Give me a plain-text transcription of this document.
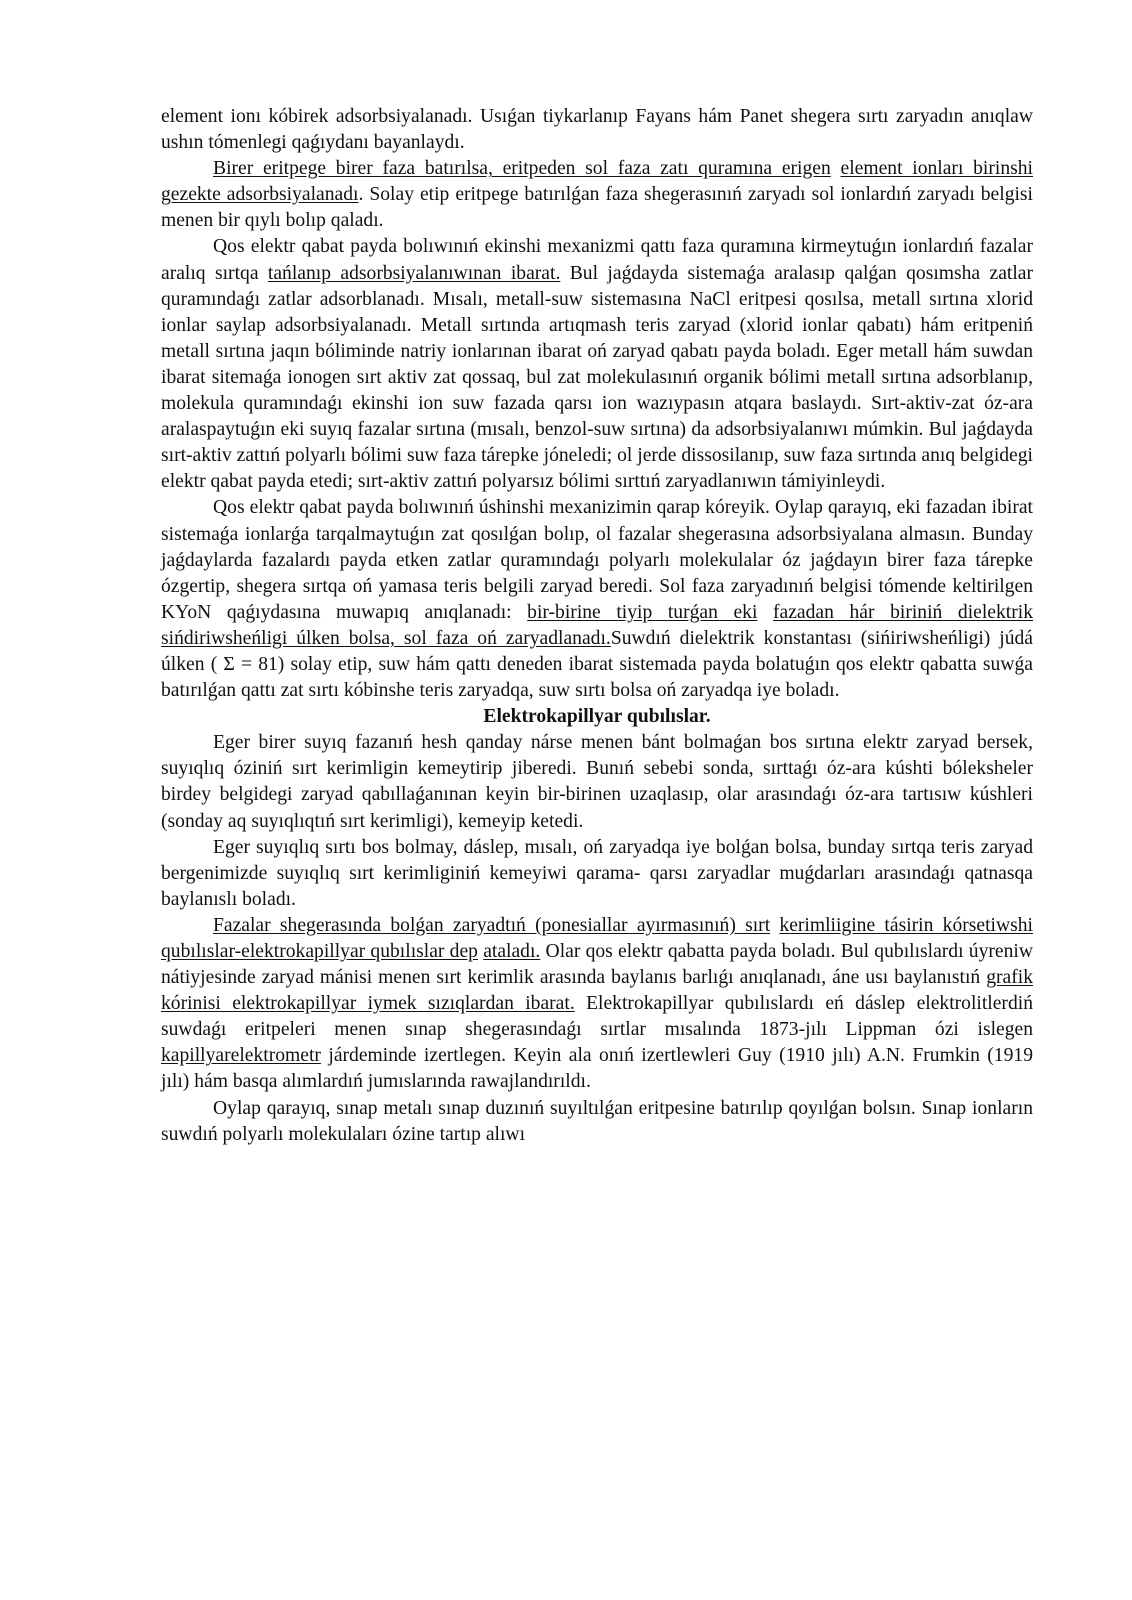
element ionı kóbirek adsorbsiyalanadı. Usıǵan tiykarlanıp Fayans hám Panet shegera sırtı zaryadın anıqlaw ushın tómenlegi qaǵıydanı bayanlaydı.

Birer eritpege birer faza batırılsa, eritpeden sol faza zatı quramına erigen element ionları birinshi gezekte adsorbsiyalanadı. Solay etip eritpege batırılǵan faza shegerasınıń zaryadı sol ionlardıń zaryadı belgisi menen bir qıylı bolıp qaladı.

Qos elektr qabat payda bolıwınıń ekinshi mexanizmi qattı faza quramına kirmeytuǵın ionlardıń fazalar aralıq sırtqa tańlanıp adsorbsiyalanıwınan ibarat. Bul jaǵdayda sistemaǵa aralasıp qalǵan qosımsha zatlar quramındaǵı zatlar adsorblanadı. Mısalı, metall-suw sistemasına NaCl eritpesi qosılsa, metall sırtına xlorid ionlar saylap adsorbsiyalanadı. Metall sırtında artıqmash teris zaryad (xlorid ionlar qabatı) hám eritpeniń metall sırtına jaqın bóliminde natriy ionlarınan ibarat oń zaryad qabatı payda boladı. Eger metall hám suwdan ibarat sitemaǵa ionogen sırt aktiv zat qossaq, bul zat molekulasınıń organik bólimi metall sırtına adsorblanıp, molekula quramındaǵı ekinshi ion suw fazada qarsı ion wazıypasın atqara baslaydı. Sırt-aktiv-zat óz-ara aralaspaytuǵın eki suyıq fazalar sırtına (mısalı, benzol-suw sırtına) da adsorbsiyalanıwı múmkin. Bul jaǵdayda sırt-aktiv zattıń polyarlı bólimi suw faza tárepke jóneledi; ol jerde dissosilanıp, suw faza sırtında anıq belgidegi elektr qabat payda etedi; sırt-aktiv zattıń polyarsız bólimi sırttıń zaryadlanıwın támiyinleydi.

Qos elektr qabat payda bolıwınıń úshinshi mexanizimin qarap kóreyik. Oylap qarayıq, eki fazadan ibirat sistemaǵa ionlarǵa tarqalmaytuǵın zat qosılǵan bolıp, ol fazalar shegerasına adsorbsiyalana almasın. Bunday jaǵdaylarda fazalardı payda etken zatlar quramındaǵı polyarlı molekulalar óz jaǵdayın birer faza tárepke ózgertip, shegera sırtqa oń yamasa teris belgili zaryad beredi. Sol faza zaryadınıń belgisi tómende keltirilgen KYoN qaǵıydasına muwapıq anıqlanadı: bir-birine tiyip turǵan eki fazadan hár biriniń dielektrik sińdiriwsheńligi úlken bolsa, sol faza oń zaryadlanadı.Suwdıń dielektrik konstantası (sińiriwsheńligi) júdá úlken ( Σ = 81) solay etip, suw hám qattı deneden ibarat sistemada payda bolatuǵın qos elektr qabatta suwǵa batırılǵan qattı zat sırtı kóbinshe teris zaryadqa, suw sırtı bolsa oń zaryadqa iye boladı.

Elektrokapillyar qubılıslar.

Eger birer suyıq fazanıń hesh qanday nárse menen bánt bolmaǵan bos sırtına elektr zaryad bersek, suyıqlıq óziniń sırt kerimligin kemeytirip jiberedi. Bunıń sebebi sonda, sırttaǵı óz-ara kúshti bóleksheler birdey belgidegi zaryad qabıllaǵanınan keyin bir-birinen uzaqlasıp, olar arasındaǵı óz-ara tartısıw kúshleri (sonday aq suyıqlıqtıń sırt kerimligi), kemeyip ketedi.

Eger suyıqlıq sırtı bos bolmay, dáslep, mısalı, oń zaryadqa iye bolǵan bolsa, bunday sırtqa teris zaryad bergenimizde suyıqlıq sırt kerimliginiń kemeyiwi qarama- qarsı zaryadlar muǵdarları arasındaǵı qatnasqa baylanıslı boladı.

Fazalar shegerasında bolǵan zaryadtıń (ponesiallar ayırmasınıń) sırt kerimliigine tásirin kórsetiwshi qubılıslar-elektrokapillyar qubılıslar dep ataladı. Olar qos elektr qabatta payda boladı. Bul qubılıslardı úyreniw nátiyjesinde zaryad mánisi menen sırt kerimlik arasında baylanıs barlıǵı anıqlanadı, áne usı baylanıstıń grafik kórinisi elektrokapillyar iymek sızıqlardan ibarat. Elektrokapillyar qubılıslardı eń dáslep elektrolitlerdiń suwdaǵı eritpeleri menen sınap shegerasındaǵı sırtlar mısalında 1873-jılı Lippman ózi islegen kapillyarelektrometr járdeminde izertlegen. Keyin ala onıń izertlewleri Guy (1910 jılı) A.N. Frumkin (1919 jılı) hám basqa alımlardıń jumıslarında rawajlandırıldı.

Oylap qarayıq, sınap metalı sınap duzınıń suyıltılǵan eritpesine batırılıp qoyılǵan bolsın. Sınap ionların suwdıń polyarlı molekulaları ózine tartıp alıwı
